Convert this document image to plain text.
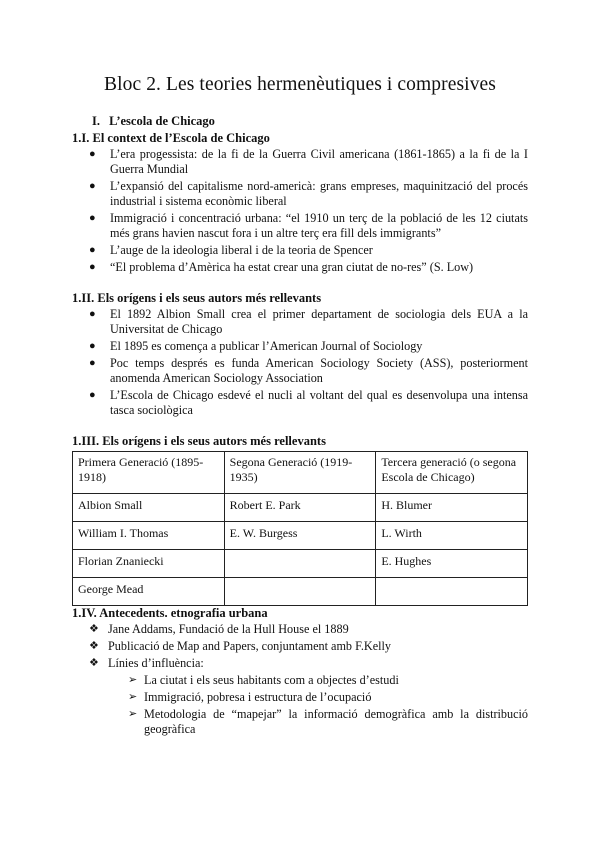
Bloc 2. Les teories hermenèutiques i compresives
I. L’escola de Chicago
1.I. El context de l’Escola de Chicago
● L’era progessista: de la fi de la Guerra Civil americana (1861-1865) a la fi de la I Guerra Mundial
● L’expansió del capitalisme nord-americà: grans empreses, maquinització del procés industrial i sistema econòmic liberal
● Immigració i concentració urbana: “el 1910 un terç de la població de les 12 ciutats més grans havien nascut fora i un altre terç era fill dels immigrants”
● L’auge de la ideologia liberal i de la teoria de Spencer
● “El problema d’Amèrica ha estat crear una gran ciutat de no-res” (S. Low)
1.II. Els orígens i els seus autors més rellevants
● El 1892 Albion Small crea el primer departament de sociologia dels EUA a la Universitat de Chicago
● El 1895 es comença a publicar l’American Journal of Sociology
● Poc temps després es funda American Sociology Society (ASS), posteriorment anomenda American Sociology Association
● L’Escola de Chicago esdevé el nucli al voltant del qual es desenvolupa una intensa tasca sociològica
1.III. Els orígens i els seus autors més rellevants
Primera Generació (1895-1918)	Segona Generació (1919-1935)	Tercera generació (o segona Escola de Chicago)
Albion Small	Robert E. Park	H. Blumer
William I. Thomas	E. W. Burgess	L. Wirth
Florian Znaniecki		E. Hughes
George Mead		
1.IV. Antecedents. etnografia urbana
❖ Jane Addams, Fundació de la Hull House el 1889
❖ Publicació de Map and Papers, conjuntament amb F.Kelly
❖ Línies d’influència:
➢ La ciutat i els seus habitants com a objectes d’estudi
➢ Immigració, pobresa i estructura de l’ocupació
➢ Metodologia de “mapejar” la informació demogràfica amb la distribució geogràfica
